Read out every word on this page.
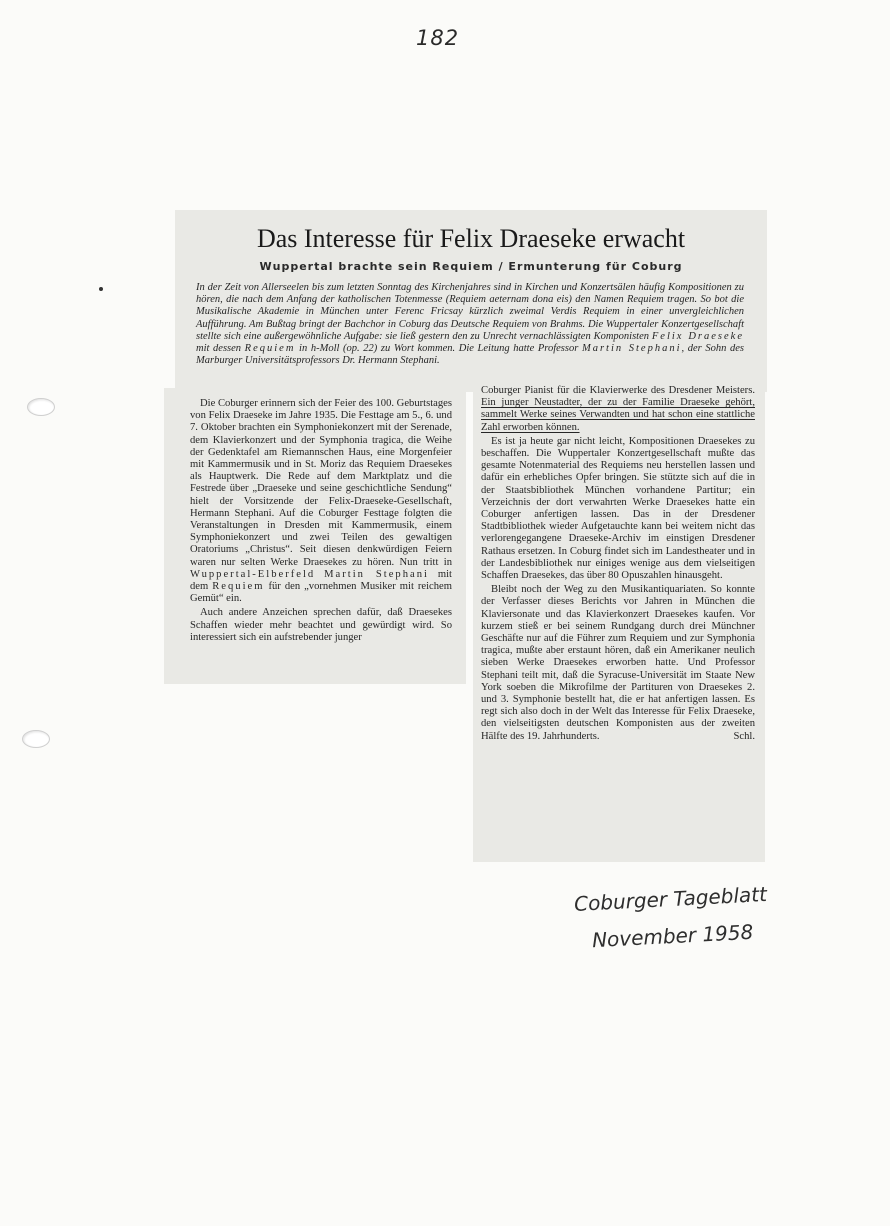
182
Das Interesse für Felix Draeseke erwacht
Wuppertal brachte sein Requiem / Ermunterung für Coburg
In der Zeit von Allerseelen bis zum letzten Sonntag des Kirchenjahres sind in Kirchen und Konzertsälen häufig Kompositionen zu hören, die nach dem Anfang der katholischen Totenmesse (Requiem aeternam dona eis) den Namen Requiem tragen. So bot die Musikalische Akademie in München unter Ferenc Fricsay kürzlich zweimal Verdis Requiem in einer unvergleichlichen Aufführung. Am Bußtag bringt der Bachchor in Coburg das Deutsche Requiem von Brahms. Die Wuppertaler Konzertgesellschaft stellte sich eine außergewöhnliche Aufgabe: sie ließ gestern den zu Unrecht vernachlässigten Komponisten Felix Draeseke mit dessen Requiem in h-Moll (op. 22) zu Wort kommen. Die Leitung hatte Professor Martin Stephani, der Sohn des Marburger Universitätsprofessors Dr. Hermann Stephani.

Die Coburger erinnern sich der Feier des 100. Geburtstages von Felix Draeseke im Jahre 1935. Die Festtage am 5., 6. und 7. Oktober brachten ein Symphoniekonzert mit der Serenade, dem Klavierkonzert und der Symphonia tragica, die Weihe der Gedenktafel am Riemannschen Haus, eine Morgenfeier mit Kammermusik und in St. Moriz das Requiem Draesekes als Hauptwerk. Die Rede auf dem Marktplatz und die Festrede über „Draeseke und seine geschichtliche Sendung“ hielt der Vorsitzende der Felix-Draeseke-Gesellschaft, Hermann Stephani. Auf die Coburger Festtage folgten die Veranstaltungen in Dresden mit Kammermusik, einem Symphoniekonzert und zwei Teilen des gewaltigen Oratoriums „Christus“. Seit diesen denkwürdigen Feiern waren nur selten Werke Draesekes zu hören. Nun tritt in Wuppertal-Elberfeld Martin Stephani mit dem Requiem für den „vornehmen Musiker mit reichem Gemüt“ ein.

Auch andere Anzeichen sprechen dafür, daß Draesekes Schaffen wieder mehr beachtet und gewürdigt wird. So interessiert sich ein aufstrebender junger

Coburger Pianist für die Klavierwerke des Dresdener Meisters. Ein junger Neustadter, der zu der Familie Draeseke gehört, sammelt Werke seines Verwandten und hat schon eine stattliche Zahl erworben können.

Es ist ja heute gar nicht leicht, Kompositionen Draesekes zu beschaffen. Die Wuppertaler Konzertgesellschaft mußte das gesamte Notenmaterial des Requiems neu herstellen lassen und dafür ein erhebliches Opfer bringen. Sie stützte sich auf die in der Staatsbibliothek München vorhandene Partitur; ein Verzeichnis der dort verwahrten Werke Draesekes hatte ein Coburger anfertigen lassen. Das in der Dresdener Stadtbibliothek wieder Aufgetauchte kann bei weitem nicht das verlorengegangene Draeseke-Archiv im einstigen Dresdener Rathaus ersetzen. In Coburg findet sich im Landestheater und in der Landesbibliothek nur einiges wenige aus dem vielseitigen Schaffen Draesekes, das über 80 Opuszahlen hinausgeht.

Bleibt noch der Weg zu den Musikantiquariaten. So konnte der Verfasser dieses Berichts vor Jahren in München die Klaviersonate und das Klavierkonzert Draesekes kaufen. Vor kurzem stieß er bei seinem Rundgang durch drei Münchner Geschäfte nur auf die Führer zum Requiem und zur Symphonia tragica, mußte aber erstaunt hören, daß ein Amerikaner neulich sieben Werke Draesekes erworben hatte. Und Professor Stephani teilt mit, daß die Syracuse-Universität im Staate New York soeben die Mikrofilme der Partituren von Draesekes 2. und 3. Symphonie bestellt hat, die er hat anfertigen lassen. Es regt sich also doch in der Welt das Interesse für Felix Draeseke, den vielseitigsten deutschen Komponisten aus der zweiten Hälfte des 19. Jahrhunderts.	Schl.
Coburger Tageblatt
November 1958
